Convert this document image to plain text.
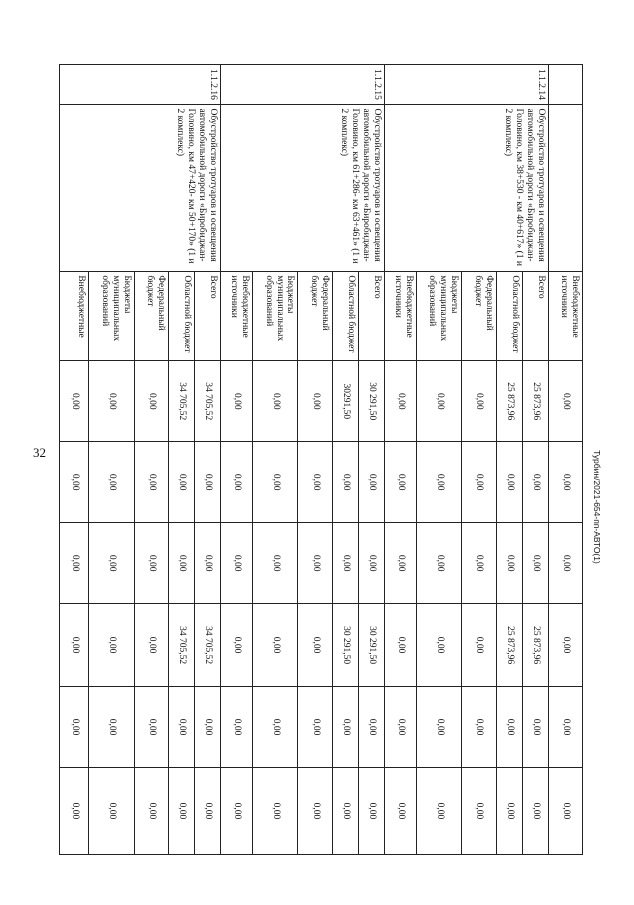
32
		Внебюджетные источники	0,00	0,00	0,00	0,00	0,00	0,00
1.1.2.14	Обустройство тротуаров и освещения автомобильной дороги «Биробиджан-Головино, км 38+530 - км 40+617» (1 и 2 комплекс)	Всего	25 873,96	0,00	0,00	25 873,96	0,00	0,00
		Областной бюджет	25 873,96	0,00	0,00	25 873,96	0,00	0,00
		Федеральный бюджет	0,00	0,00	0,00	0,00	0,00	0,00
		Бюджеты муниципальных образований	0,00	0,00	0,00	0,00	0,00	0,00
		Внебюджетные источники	0,00	0,00	0,00	0,00	0,00	0,00
1.1.2.15	Обустройство тротуаров и освещения автомобильной дороги «Биробиджан-Головино, км 61+286- км 63+461» (1 и 2 комплекс)	Всего	30 291,50	0,00	0,00	30 291,50	0,00	0,00
		Областной бюджет	30291,50	0,00	0,00	30 291,50	0,00	0,00
		Федеральный бюджет	0,00	0,00	0,00	0,00	0,00	0,00
		Бюджеты муниципальных образований	0,00	0,00	0,00	0,00	0,00	0,00
		Внебюджетные источники	0,00	0,00	0,00	0,00	0,00	0,00
1.1.2.16	Обустройство тротуаров и освещения автомобильной дороги «Биробиджан-Головино, км 47+420- км 50+170» (1 и 2 комплекс)	Всего	34 705,52	0,00	0,00	34 705,52	0,00	0,00
		Областной бюджет	34 705,52	0,00	0,00	34 705,52	0,00	0,00
		Федеральный бюджет	0,00	0,00	0,00	0,00	0,00	0,00
		Бюджеты муниципальных образований	0,00	0,00	0,00	0,00	0,00	0,00
		Внебюджетные	0,00	0,00	0,00	0,00	0,00	0,00
Турбин/2021-654-пп-АВТО(1)
